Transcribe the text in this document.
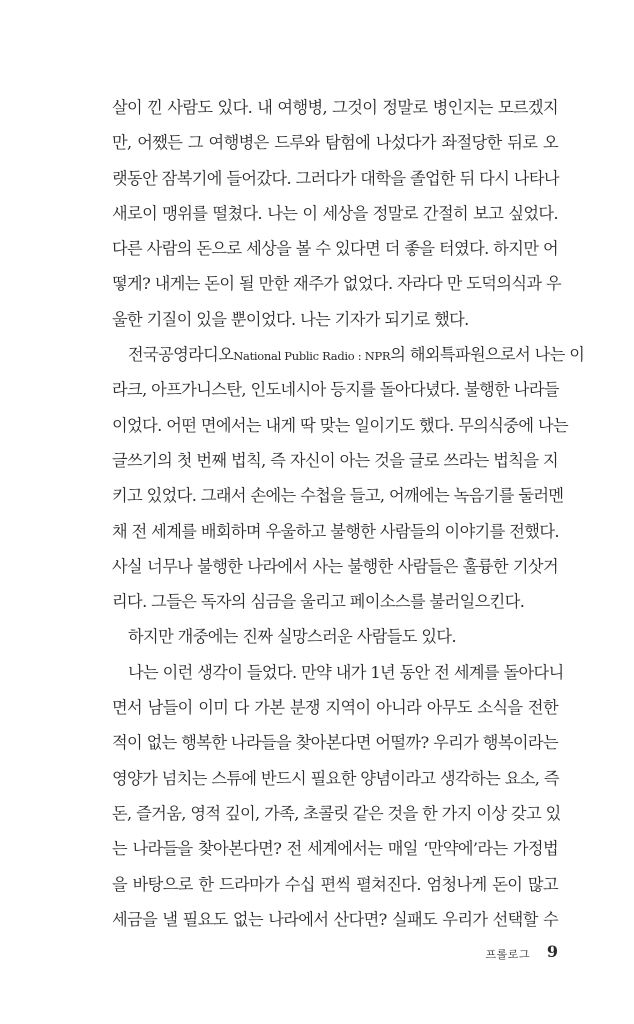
살이 낀 사람도 있다. 내 여행병, 그것이 정말로 병인지는 모르겠지
만, 어쨌든 그 여행병은 드루와 탐험에 나섰다가 좌절당한 뒤로 오
랫동안 잠복기에 들어갔다. 그러다가 대학을 졸업한 뒤 다시 나타나
새로이 맹위를 떨쳤다. 나는 이 세상을 정말로 간절히 보고 싶었다.
다른 사람의 돈으로 세상을 볼 수 있다면 더 좋을 터였다. 하지만 어
떻게? 내게는 돈이 될 만한 재주가 없었다. 자라다 만 도덕의식과 우
울한 기질이 있을 뿐이었다. 나는 기자가 되기로 했다.
전국공영라디오National Public Radio : NPR의 해외특파원으로서 나는 이
라크, 아프가니스탄, 인도네시아 등지를 돌아다녔다. 불행한 나라들
이었다. 어떤 면에서는 내게 딱 맞는 일이기도 했다. 무의식중에 나는
글쓰기의 첫 번째 법칙, 즉 자신이 아는 것을 글로 쓰라는 법칙을 지
키고 있었다. 그래서 손에는 수첩을 들고, 어깨에는 녹음기를 둘러멘
채 전 세계를 배회하며 우울하고 불행한 사람들의 이야기를 전했다.
사실 너무나 불행한 나라에서 사는 불행한 사람들은 훌륭한 기삿거
리다. 그들은 독자의 심금을 울리고 페이소스를 불러일으킨다.
하지만 개중에는 진짜 실망스러운 사람들도 있다.
나는 이런 생각이 들었다. 만약 내가 1년 동안 전 세계를 돌아다니
면서 남들이 이미 다 가본 분쟁 지역이 아니라 아무도 소식을 전한
적이 없는 행복한 나라들을 찾아본다면 어떨까? 우리가 행복이라는
영양가 넘치는 스튜에 반드시 필요한 양념이라고 생각하는 요소, 즉
돈, 즐거움, 영적 깊이, 가족, 초콜릿 같은 것을 한 가지 이상 갖고 있
는 나라들을 찾아본다면? 전 세계에서는 매일 ‘만약에’라는 가정법
을 바탕으로 한 드라마가 수십 편씩 펼쳐진다. 엄청나게 돈이 많고
세금을 낼 필요도 없는 나라에서 산다면? 실패도 우리가 선택할 수
프롤로그 9
